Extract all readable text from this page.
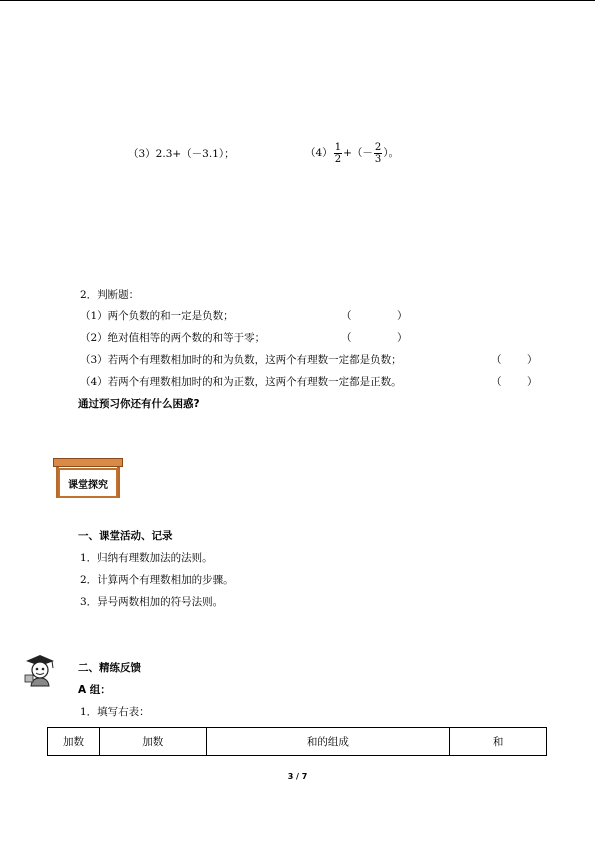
（3）2.3+（－3.1）；	$(4) \frac{1}{2}$ +（－ $\frac{2}{3}$ ）。
2．判断题：
（1）两个负数的和一定是负数；	（	）
（2）绝对值相等的两个数的和等于零；	（	）
（3）若两个有理数相加时的和为负数，这两个有理数一定都是负数；	（ ）
（4）若两个有理数相加时的和为正数，这两个有理数一定都是正数。	（ ）
通过预习你还有什么困惑?
课堂探究
一、课堂活动、记录
1．归纳有理数加法的法则。
2．计算两个有理数相加的步骤。
3．异号两数相加的符号法则。
二、精练反馈
A 组：
1．填写右表：
加数	加数	和的组成	和
3 / 7
